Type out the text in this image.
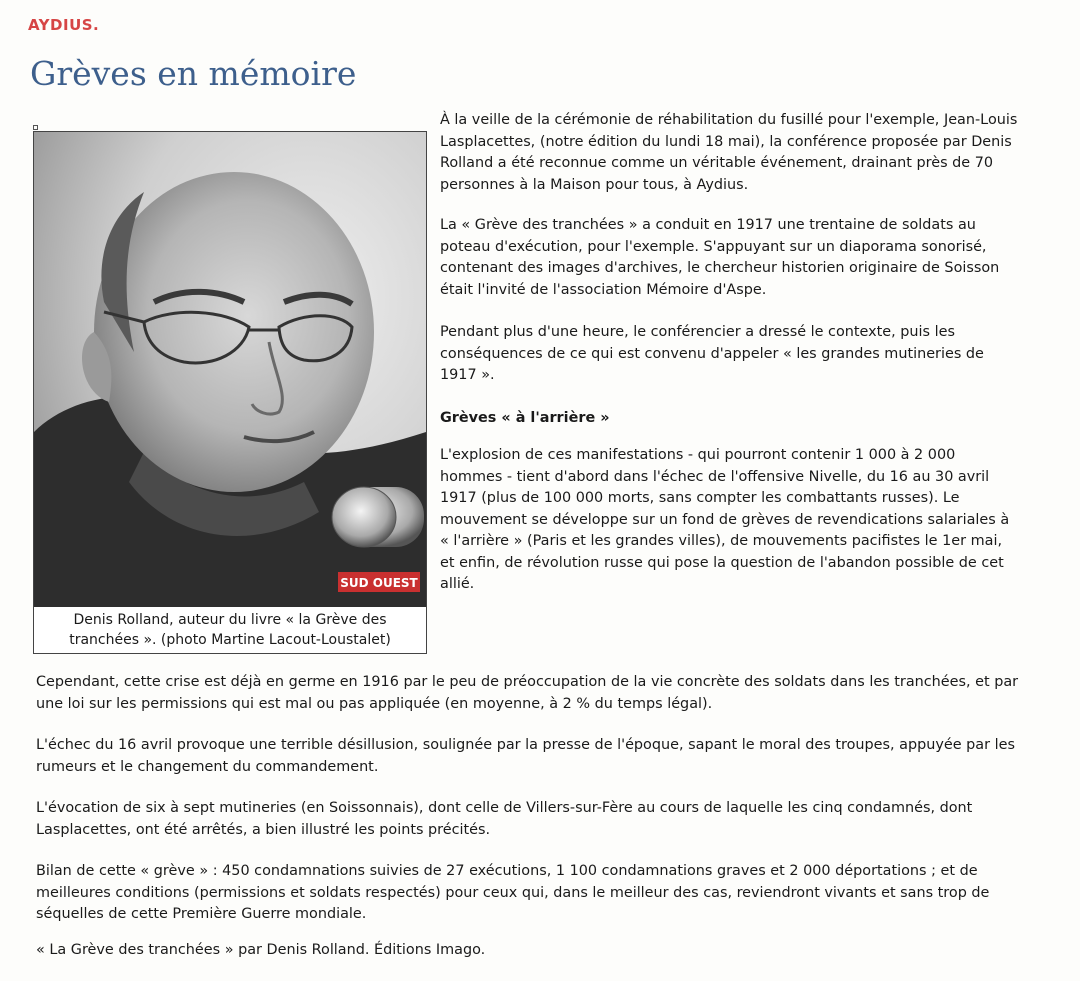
AYDIUS.
Grèves en mémoire
SUD OUEST
Denis Rolland, auteur du livre « la Grève des tranchées ». (photo Martine Lacout-Loustalet)

À la veille de la cérémonie de réhabilitation du fusillé pour l'exemple, Jean-Louis Lasplacettes, (notre édition du lundi 18 mai), la conférence proposée par Denis Rolland a été reconnue comme un véritable événement, drainant près de 70 personnes à la Maison pour tous, à Aydius.

La « Grève des tranchées » a conduit en 1917 une trentaine de soldats au poteau d'exécution, pour l'exemple. S'appuyant sur un diaporama sonorisé, contenant des images d'archives, le chercheur historien originaire de Soisson était l'invité de l'association Mémoire d'Aspe.

Pendant plus d'une heure, le conférencier a dressé le contexte, puis les conséquences de ce qui est convenu d'appeler « les grandes mutineries de 1917 ».

Grèves « à l'arrière »

L'explosion de ces manifestations - qui pourront contenir 1 000 à 2 000 hommes - tient d'abord dans l'échec de l'offensive Nivelle, du 16 au 30 avril 1917 (plus de 100 000 morts, sans compter les combattants russes). Le mouvement se développe sur un fond de grèves de revendications salariales à « l'arrière » (Paris et les grandes villes), de mouvements pacifistes le 1er mai, et enfin, de révolution russe qui pose la question de l'abandon possible de cet allié.

Cependant, cette crise est déjà en germe en 1916 par le peu de préoccupation de la vie concrète des soldats dans les tranchées, et par une loi sur les permissions qui est mal ou pas appliquée (en moyenne, à 2 % du temps légal).

L'échec du 16 avril provoque une terrible désillusion, soulignée par la presse de l'époque, sapant le moral des troupes, appuyée par les rumeurs et le changement du commandement.

L'évocation de six à sept mutineries (en Soissonnais), dont celle de Villers-sur-Fère au cours de laquelle les cinq condamnés, dont Lasplacettes, ont été arrêtés, a bien illustré les points précités.

Bilan de cette « grève » : 450 condamnations suivies de 27 exécutions, 1 100 condamnations graves et 2 000 déportations ; et de meilleures conditions (permissions et soldats respectés) pour ceux qui, dans le meilleur des cas, reviendront vivants et sans trop de séquelles de cette Première Guerre mondiale.

« La Grève des tranchées » par Denis Rolland. Éditions Imago.
